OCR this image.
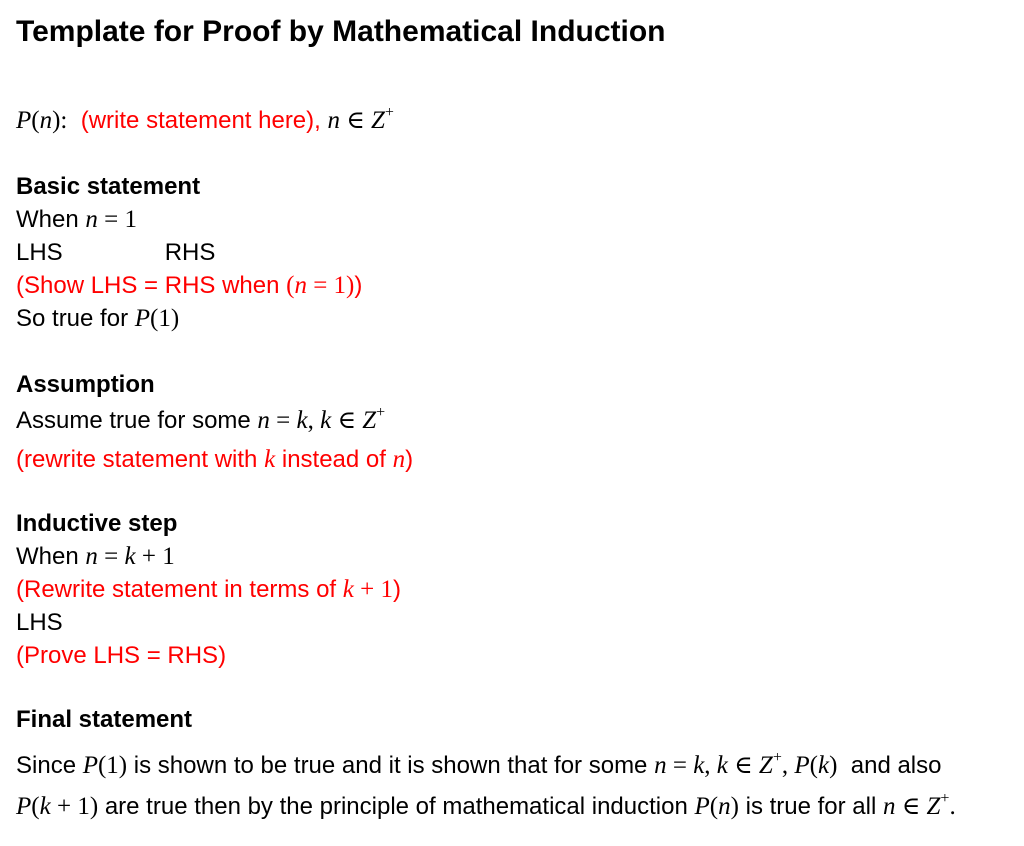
Template for Proof by Mathematical Induction
P(n): (write statement here), n ∈ Z+
Basic statement
When n = 1
LHS	RHS
(Show LHS = RHS when (n = 1))
So true for P(1)
Assumption
Assume true for some n = k, k ∈ Z+
(rewrite statement with k instead of n)
Inductive step
When n = k + 1
(Rewrite statement in terms of k + 1)
LHS
(Prove LHS = RHS)
Final statement
Since P(1) is shown to be true and it is shown that for some n = k, k ∈ Z+, P(k)  and also
P(k + 1) are true then by the principle of mathematical induction P(n) is true for all n ∈ Z+.
